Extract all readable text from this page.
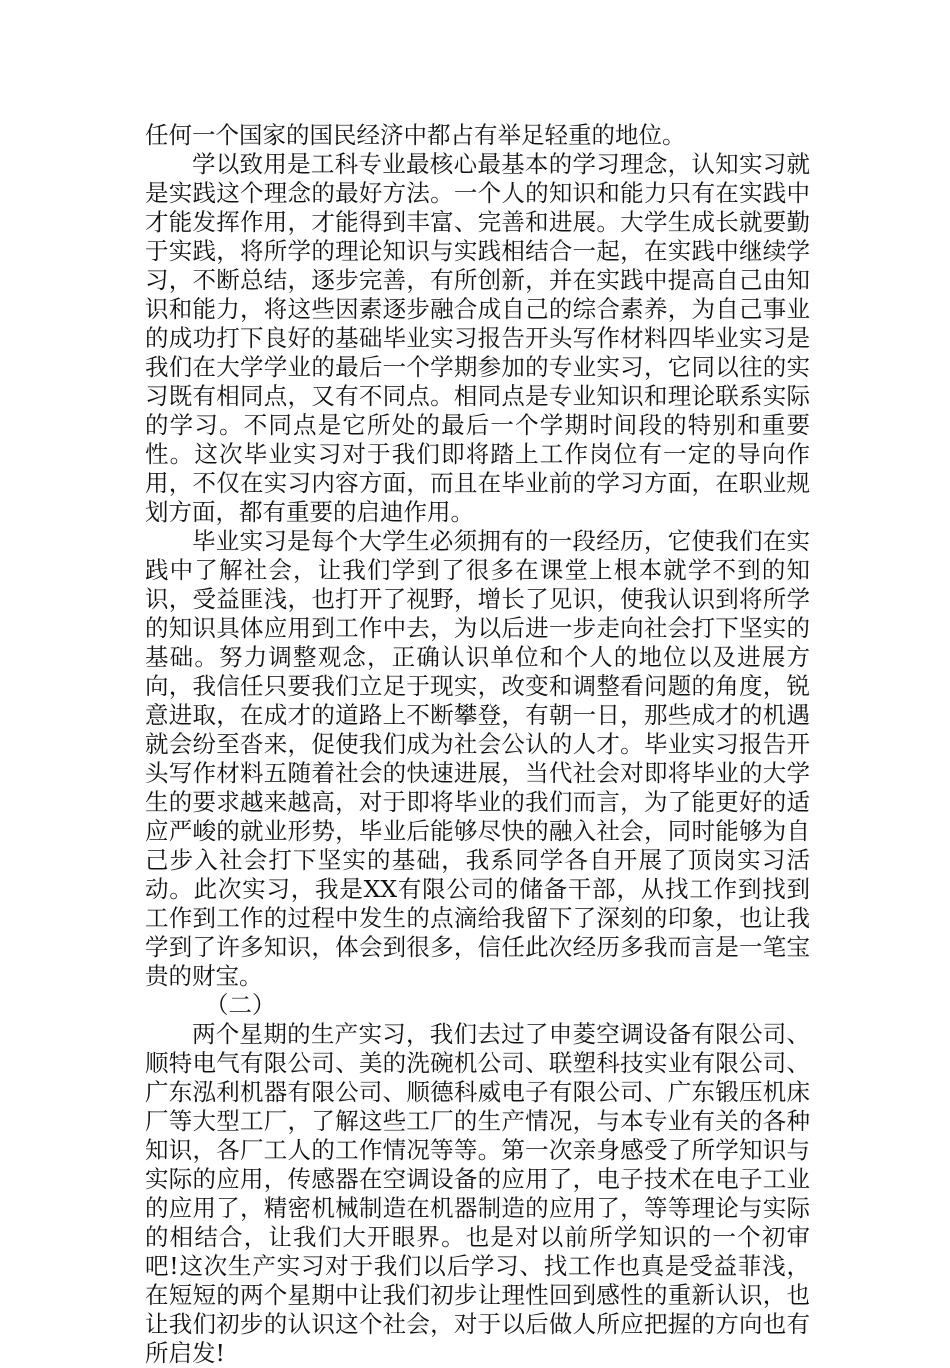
任何一个国家的国民经济中都占有举足轻重的地位。

学以致用是工科专业最核心最基本的学习理念，认知实习就是实践这个理念的最好方法。一个人的知识和能力只有在实践中才能发挥作用，才能得到丰富、完善和进展。大学生成长就要勤于实践，将所学的理论知识与实践相结合一起，在实践中继续学习，不断总结，逐步完善，有所创新，并在实践中提高自己由知识和能力，将这些因素逐步融合成自己的综合素养，为自己事业的成功打下良好的基础毕业实习报告开头写作材料四毕业实习是我们在大学学业的最后一个学期参加的专业实习，它同以往的实习既有相同点，又有不同点。相同点是专业知识和理论联系实际的学习。不同点是它所处的最后一个学期时间段的特别和重要性。这次毕业实习对于我们即将踏上工作岗位有一定的导向作用，不仅在实习内容方面，而且在毕业前的学习方面，在职业规划方面，都有重要的启迪作用。

毕业实习是每个大学生必须拥有的一段经历，它使我们在实践中了解社会，让我们学到了很多在课堂上根本就学不到的知识，受益匪浅，也打开了视野，增长了见识，使我认识到将所学的知识具体应用到工作中去，为以后进一步走向社会打下坚实的基础。努力调整观念，正确认识单位和个人的地位以及进展方向，我信任只要我们立足于现实，改变和调整看问题的角度，锐意进取，在成才的道路上不断攀登，有朝一日，那些成才的机遇就会纷至沓来，促使我们成为社会公认的人才。毕业实习报告开头写作材料五随着社会的快速进展，当代社会对即将毕业的大学生的要求越来越高，对于即将毕业的我们而言，为了能更好的适应严峻的就业形势，毕业后能够尽快的融入社会，同时能够为自己步入社会打下坚实的基础，我系同学各自开展了顶岗实习活动。此次实习，我是XX有限公司的储备干部，从找工作到找到工作到工作的过程中发生的点滴给我留下了深刻的印象，也让我学到了许多知识，体会到很多，信任此次经历多我而言是一笔宝贵的财宝。

（二）

两个星期的生产实习，我们去过了申菱空调设备有限公司、顺特电气有限公司、美的洗碗机公司、联塑科技实业有限公司、广东泓利机器有限公司、顺德科威电子有限公司、广东锻压机床厂等大型工厂，了解这些工厂的生产情况，与本专业有关的各种知识，各厂工人的工作情况等等。第一次亲身感受了所学知识与实际的应用，传感器在空调设备的应用了，电子技术在电子工业的应用了，精密机械制造在机器制造的应用了，等等理论与实际的相结合，让我们大开眼界。也是对以前所学知识的一个初审吧!这次生产实习对于我们以后学习、找工作也真是受益菲浅，在短短的两个星期中让我们初步让理性回到感性的重新认识，也让我们初步的认识这个社会，对于以后做人所应把握的方向也有所启发!
